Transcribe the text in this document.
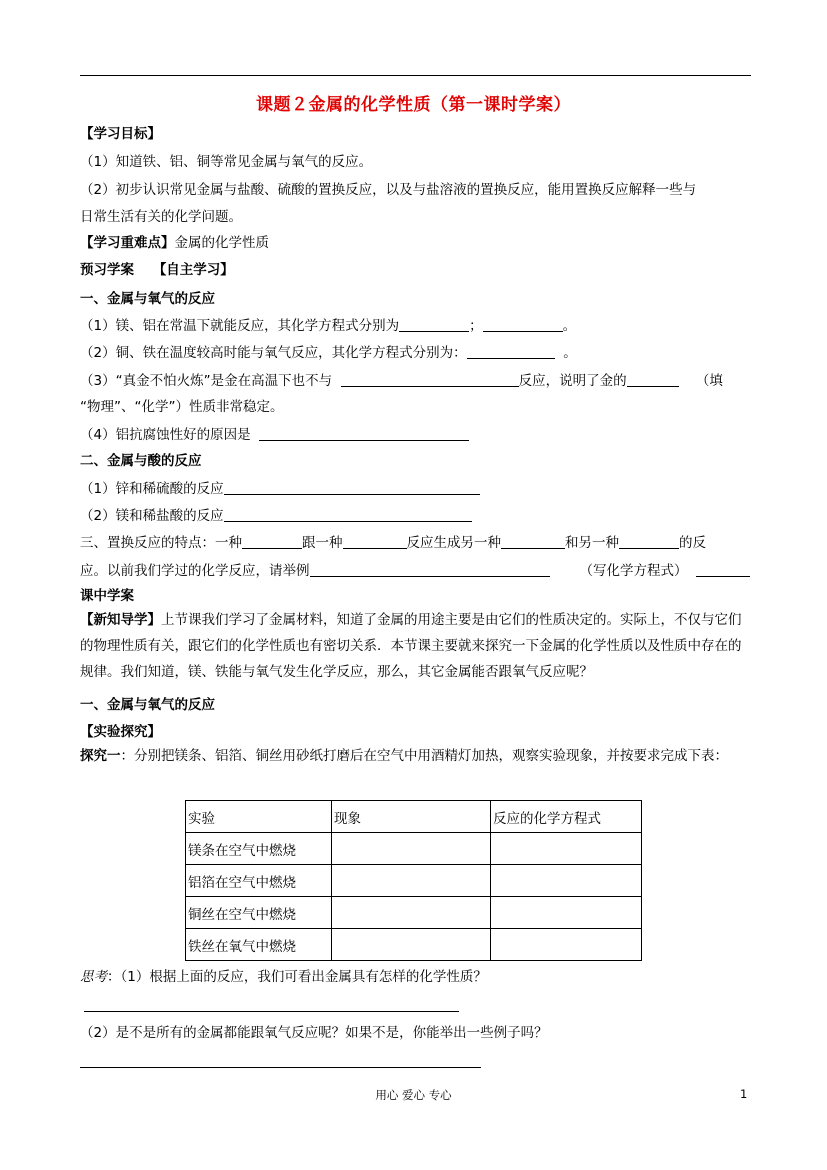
课题２金属的化学性质（第一课时学案）
【学习目标】
（1）知道铁、铝、铜等常见金属与氧气的反应。
（2）初步认识常见金属与盐酸、硫酸的置换反应，以及与盐溶液的置换反应，能用置换反应解释一些与
日常生活有关的化学问题。
【学习重难点】金属的化学性质
预习学案 【自主学习】
一、金属与氧气的反应
（1）镁、铝在常温下就能反应，其化学方程式分别为	；	。
（2）铜、铁在温度较高时能与氧气反应，其化学方程式分别为：	。
（3）“真金不怕火炼”是金在高温下也不与	反应，说明了金的	（填
“物理”、“化学”）性质非常稳定。
（4）铝抗腐蚀性好的原因是
二、金属与酸的反应
（1）锌和稀硫酸的反应
（2）镁和稀盐酸的反应
三、置换反应的特点：一种	跟一种	反应生成另一种	和另一种	的反
应。以前我们学过的化学反应，请举例	（写化学方程式）
课中学案
【新知导学】上节课我们学习了金属材料，知道了金属的用途主要是由它们的性质决定的。实际上，不仅与它们的物理性质有关，跟它们的化学性质也有密切关系．本节课主要就来探究一下金属的化学性质以及性质中存在的规律。我们知道，镁、铁能与氧气发生化学反应，那么，其它金属能否跟氧气反应呢？
一、金属与氧气的反应
【实验探究】
探究一：分别把镁条、铝箔、铜丝用砂纸打磨后在空气中用酒精灯加热，观察实验现象，并按要求完成下表：
实验	现象	反应的化学方程式
镁条在空气中燃烧		
铝箔在空气中燃烧		
铜丝在空气中燃烧		
铁丝在氧气中燃烧		
思考：（1）根据上面的反应，我们可看出金属具有怎样的化学性质？
（2）是不是所有的金属都能跟氧气反应呢？如果不是，你能举出一些例子吗？
用心 爱心 专心	1
